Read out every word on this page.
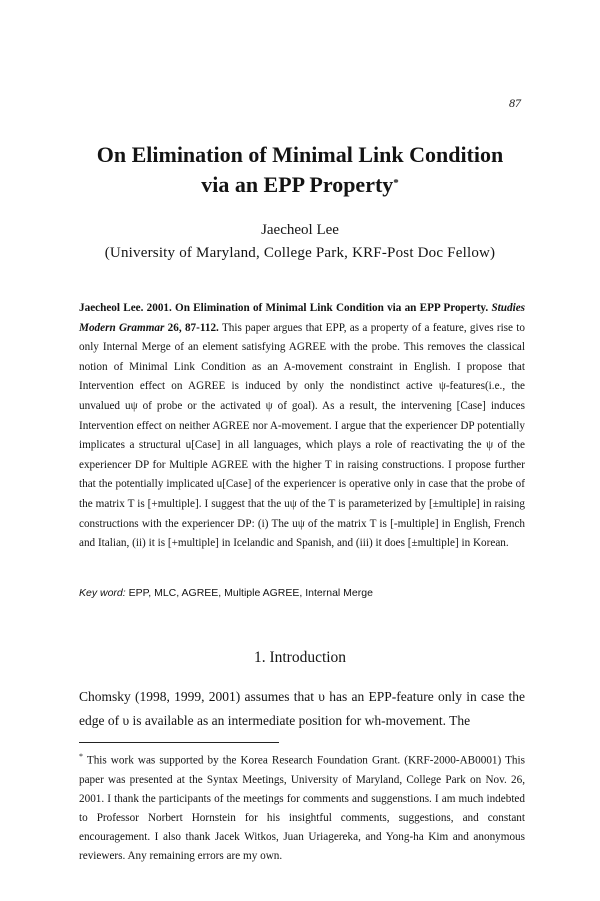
87
On Elimination of Minimal Link Condition
via an EPP Property*
Jaecheol Lee
(University of Maryland, College Park, KRF-Post Doc Fellow)

Jaecheol Lee. 2001. On Elimination of Minimal Link Condition via an EPP Property. Studies Modern Grammar 26, 87-112. This paper argues that EPP, as a property of a feature, gives rise to only Internal Merge of an element satisfying AGREE with the probe. This removes the classical notion of Minimal Link Condition as an A-movement constraint in English. I propose that Intervention effect on AGREE is induced by only the nondistinct active ψ-features(i.e., the unvalued uψ of probe or the activated ψ of goal). As a result, the intervening [Case] induces Intervention effect on neither AGREE nor A-movement. I argue that the experiencer DP potentially implicates a structural u[Case] in all languages, which plays a role of reactivating the ψ of the experiencer DP for Multiple AGREE with the higher T in raising constructions. I propose further that the potentially implicated u[Case] of the experiencer is operative only in case that the probe of the matrix T is [+multiple]. I suggest that the uψ of the T is parameterized by [±multiple] in raising constructions with the experiencer DP: (i) The uψ of the matrix T is [-multiple] in English, French and Italian, (ii) it is [+multiple] in Icelandic and Spanish, and (iii) it does [±multiple] in Korean.

Key word: EPP, MLC, AGREE, Multiple AGREE, Internal Merge

1. Introduction

Chomsky (1998, 1999, 2001) assumes that υ has an EPP-feature only in case the edge of υ is available as an intermediate position for wh-movement. The

* This work was supported by the Korea Research Foundation Grant. (KRF-2000-AB0001) This paper was presented at the Syntax Meetings, University of Maryland, College Park on Nov. 26, 2001. I thank the participants of the meetings for comments and suggenstions. I am much indebted to Professor Norbert Hornstein for his insightful comments, suggestions, and constant encouragement. I also thank Jacek Witkos, Juan Uriagereka, and Yong-ha Kim and anonymous reviewers. Any remaining errors are my own.
